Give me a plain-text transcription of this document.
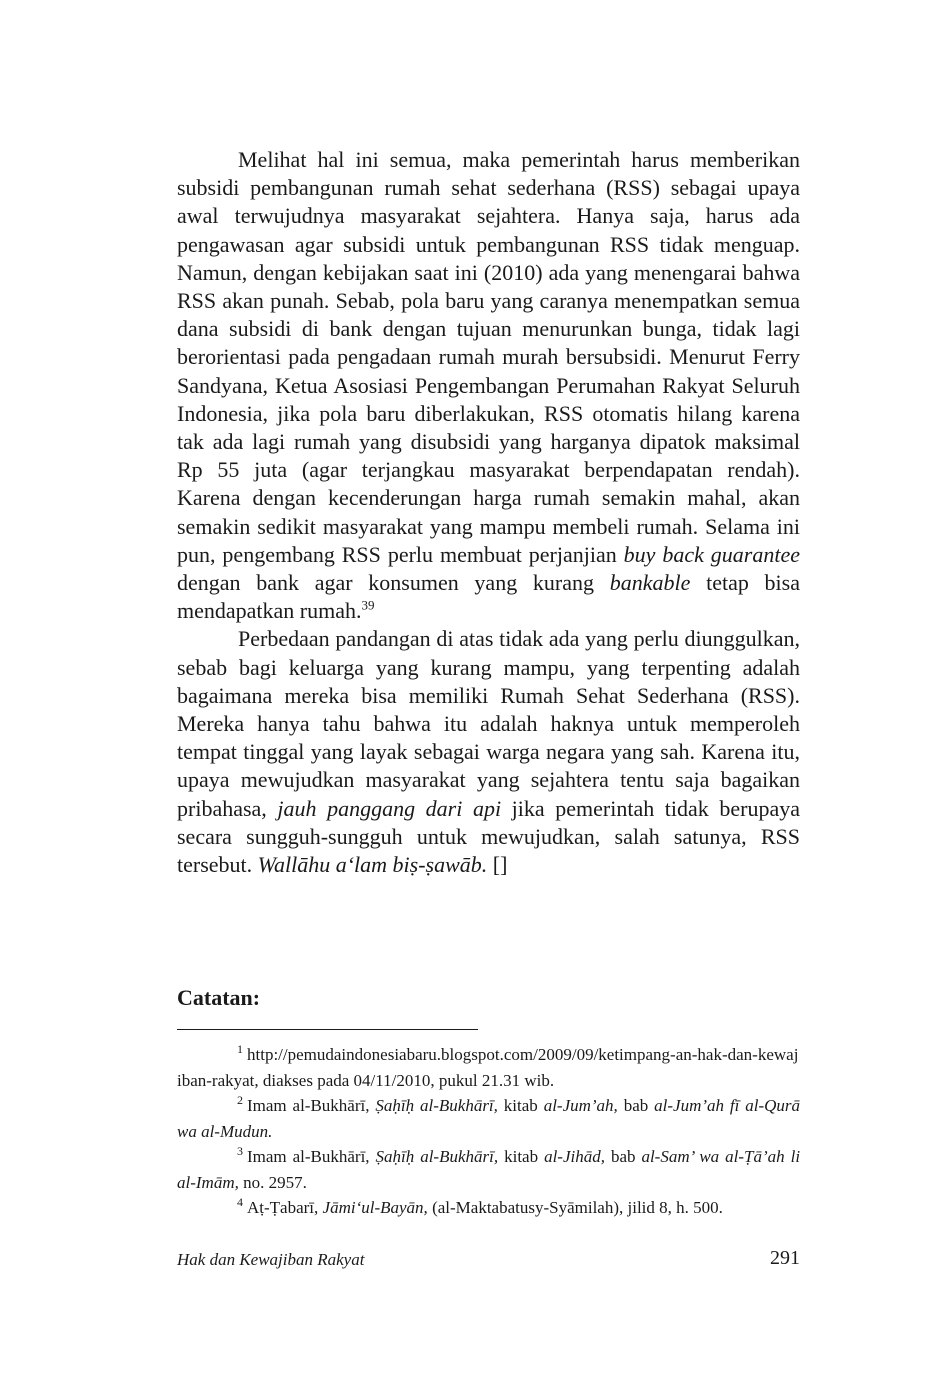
Melihat hal ini semua, maka pemerintah harus memberikan subsidi pembangunan rumah sehat sederhana (RSS) sebagai upaya awal terwujudnya masyarakat sejahtera. Hanya saja, harus ada pengawasan agar subsidi untuk pembangunan RSS tidak menguap. Namun, dengan kebijakan saat ini (2010) ada yang menengarai bahwa RSS akan punah. Sebab, pola baru yang caranya menempatkan semua dana subsidi di bank dengan tujuan menurunkan bunga, tidak lagi berorientasi pada pengadaan rumah murah bersubsidi. Menurut Ferry Sandyana, Ketua Asosiasi Pengembangan Perumahan Rakyat Seluruh Indonesia, jika pola baru diberlakukan, RSS otomatis hilang karena tak ada lagi rumah yang disubsidi yang harganya dipatok maksimal Rp 55 juta (agar terjangkau masyarakat berpendapatan rendah). Karena dengan kecenderungan harga rumah semakin mahal, akan semakin sedikit masyarakat yang mampu membeli rumah. Selama ini pun, pengembang RSS perlu membuat perjanjian buy back guarantee dengan bank agar konsumen yang kurang bankable tetap bisa mendapatkan rumah.$^{39}$

Perbedaan pandangan di atas tidak ada yang perlu diunggulkan, sebab bagi keluarga yang kurang mampu, yang terpenting adalah bagaimana mereka bisa memiliki Rumah Sehat Sederhana (RSS). Mereka hanya tahu bahwa itu adalah haknya untuk memperoleh tempat tinggal yang layak sebagai warga negara yang sah. Karena itu, upaya mewujudkan masyarakat yang sejahtera tentu saja bagaikan pribahasa, jauh panggang dari api jika pemerintah tidak berupaya secara sungguh-sungguh untuk mewujudkan, salah satunya, RSS tersebut. Wallāhu a‘lam biṣ-ṣawāb. []

Catatan:

$^1$ http://pemudaindonesiabaru.blogspot.com/2009/09/ketimpang-an-hak-dan-kewajiban-rakyat, diakses pada 04/11/2010, pukul 21.31 wib.

$^2$ Imam al-Bukhārī, Ṣaḥīḥ al-Bukhārī, kitab al-Jum’ah, bab al-Jum’ah fī al-Qurā wa al-Mudun.

$^3$ Imam al-Bukhārī, Ṣaḥīḥ al-Bukhārī, kitab al-Jihād, bab al-Sam’ wa al-Ṭā’ah li al-Imām, no. 2957.

$^4$ Aṭ-Ṭabarī, Jāmi‘ul-Bayān, (al-Maktabatusy-Syāmilah), jilid 8, h. 500.

Hak dan Kewajiban Rakyat	291
